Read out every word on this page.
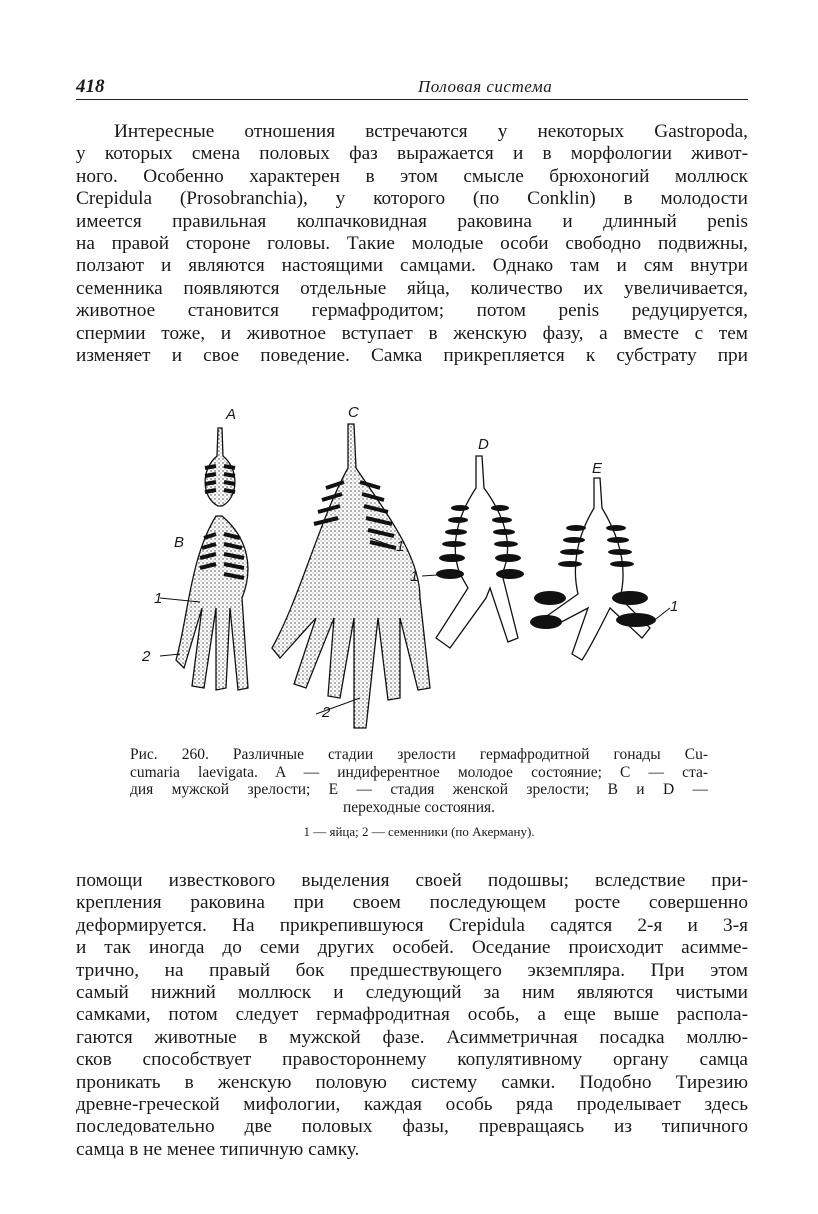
418	Половая система
Интересные отношения встречаются у некоторых Gastropoda,
у которых смена половых фаз выражается и в морфологии живот-
ного. Особенно характерен в этом смысле брюхоногий моллюск
Crepidula (Prosobranchia), у которого (по Conklin) в молодости
имеется правильная колпачковидная раковина и длинный penis
на правой стороне головы. Такие молодые особи свободно подвижны,
ползают и являются настоящими самцами. Однако там и сям внутри
семенника появляются отдельные яйца, количество их увеличивается,
животное становится гермафродитом; потом penis редуцируется,
спермии тоже, и животное вступает в женскую фазу, а вместе с тем
изменяет и свое поведение. Самка прикрепляется к субстрату при
A
B
C
D
E
1
2
1
2
1
1
Рис. 260. Различные стадии зрелости гермафродитной гонады Cu-
cumaria laevigata. A — индиферентное молодое состояние; C — ста-
дия мужской зрелости; E — стадия женской зрелости; B и D —
переходные состояния.
1 — яйца; 2 — семенники (по Акерману).
помощи известкового выделения своей подошвы; вследствие при-
крепления раковина при своем последующем росте совершенно
деформируется. На прикрепившуюся Crepidula садятся 2-я и 3-я
и так иногда до семи других особей. Оседание происходит асимме-
трично, на правый бок предшествующего экземпляра. При этом
самый нижний моллюск и следующий за ним являются чистыми
самками, потом следует гермафродитная особь, а еще выше распола-
гаются животные в мужской фазе. Асимметричная посадка моллю-
сков способствует правостороннему копулятивному органу самца
проникать в женскую половую систему самки. Подобно Тирезию
древне-греческой мифологии, каждая особь ряда проделывает здесь
последовательно две половых фазы, превращаясь из типичного
самца в не менее типичную самку.
